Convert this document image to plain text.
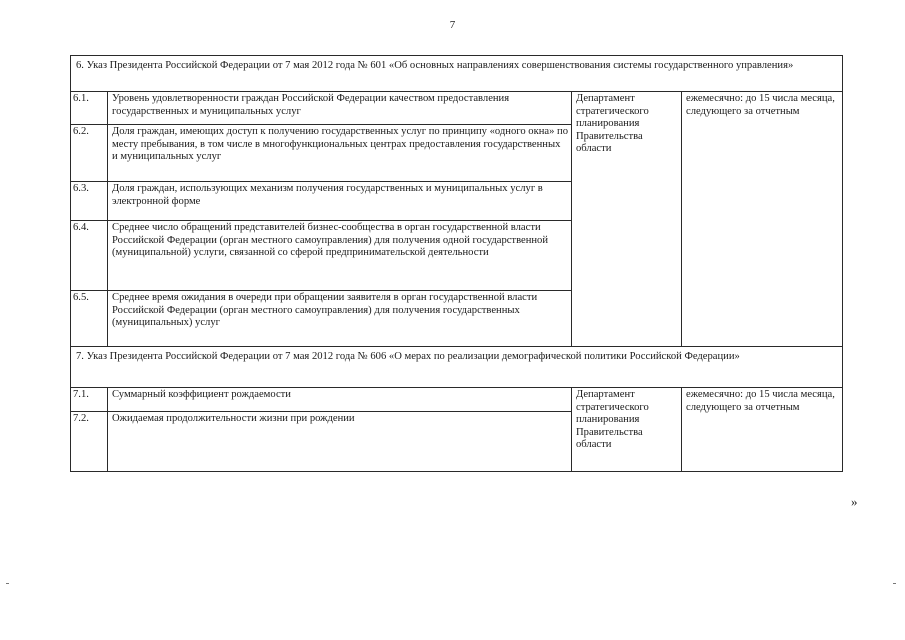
7
6. Указ Президента Российской Федерации от 7 мая 2012 года № 601 «Об основных направлениях совершенствования системы государственного управления»			
6.1.	Уровень удовлетворенности граждан Российской Федерации качеством предоставления государственных и муниципальных услуг	Департамент стратегического планирования Правительства области	ежемесячно: до 15 числа месяца, следующего за отчетным
6.2.	Доля граждан, имеющих доступ к получению государственных услуг по принципу «одного окна» по месту пребывания, в том числе в многофункциональных центрах предоставления государственных и муниципальных услуг		
6.3.	Доля граждан, использующих механизм получения государственных и муниципальных услуг в электронной форме		
6.4.	Среднее число обращений представителей бизнес-сообщества в орган государственной власти Российской Федерации (орган местного самоуправления) для получения одной государственной (муниципальной) услуги, связанной со сферой предпринимательской деятельности		
6.5.	Среднее время ожидания в очереди при обращении заявителя в орган государственной власти Российской Федерации (орган местного самоуправления) для получения государственных (муниципальных) услуг		
7. Указ Президента Российской Федерации от 7 мая 2012 года № 606 «О мерах по реализации демографической политики Российской Федерации»			
7.1.	Суммарный коэффициент рождаемости	Департамент стратегического планирования Правительства области	ежемесячно: до 15 числа месяца, следующего за отчетным
7.2.	Ожидаемая продолжительности жизни при рождении		
»
